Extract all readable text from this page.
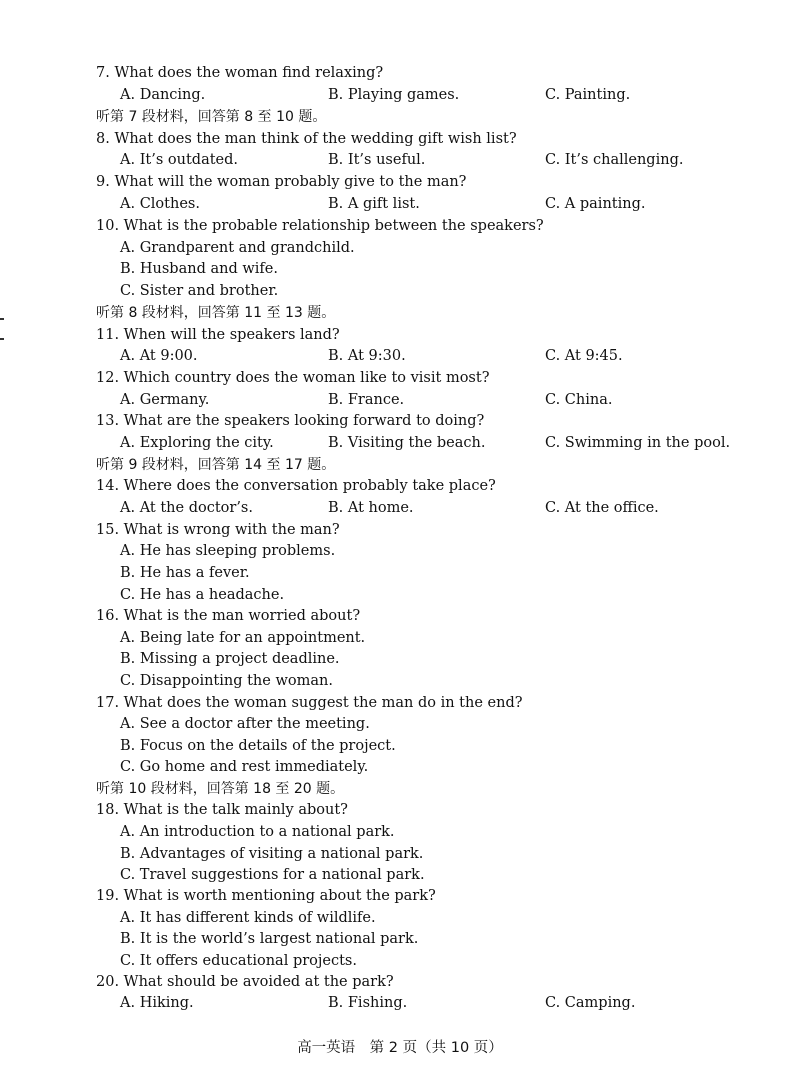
7. What does the woman find relaxing?
A. Dancing.	B. Playing games.	C. Painting.
听第 7 段材料，回答第 8 至 10 题。
8. What does the man think of the wedding gift wish list?
A. It’s outdated.	B. It’s useful.	C. It’s challenging.
9. What will the woman probably give to the man?
A. Clothes.	B. A gift list.	C. A painting.
10. What is the probable relationship between the speakers?
A. Grandparent and grandchild.
B. Husband and wife.
C. Sister and brother.
听第 8 段材料，回答第 11 至 13 题。
11. When will the speakers land?
A. At 9:00.	B. At 9:30.	C. At 9:45.
12. Which country does the woman like to visit most?
A. Germany.	B. France.	C. China.
13. What are the speakers looking forward to doing?
A. Exploring the city.	B. Visiting the beach.	C. Swimming in the pool.
听第 9 段材料，回答第 14 至 17 题。
14. Where does the conversation probably take place?
A. At the doctor’s.	B. At home.	C. At the office.
15. What is wrong with the man?
A. He has sleeping problems.
B. He has a fever.
C. He has a headache.
16. What is the man worried about?
A. Being late for an appointment.
B. Missing a project deadline.
C. Disappointing the woman.
17. What does the woman suggest the man do in the end?
A. See a doctor after the meeting.
B. Focus on the details of the project.
C. Go home and rest immediately.
听第 10 段材料，回答第 18 至 20 题。
18. What is the talk mainly about?
A. An introduction to a national park.
B. Advantages of visiting a national park.
C. Travel suggestions for a national park.
19. What is worth mentioning about the park?
A. It has different kinds of wildlife.
B. It is the world’s largest national park.
C. It offers educational projects.
20. What should be avoided at the park?
A. Hiking.	B. Fishing.	C. Camping.
高一英语　第 2 页（共 10 页）
